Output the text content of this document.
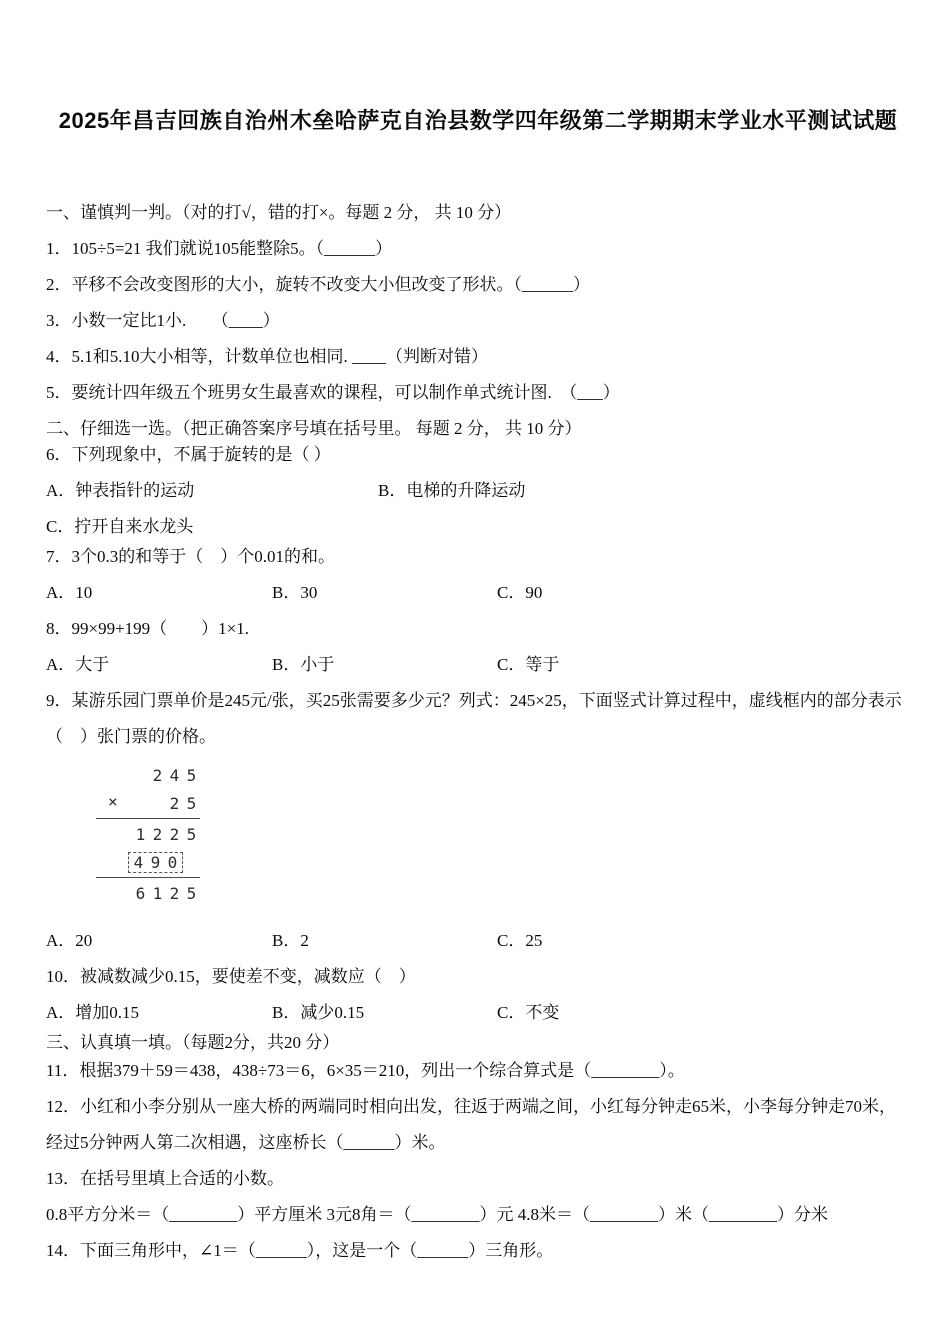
2025年昌吉回族自治州木垒哈萨克自治县数学四年级第二学期期末学业水平测试试题
一、谨慎判一判。（对的打√，错的打×。每题 2 分， 共 10 分）
1．105÷5=21 我们就说105能整除5。（______）
2．平移不会改变图形的大小，旋转不改变大小但改变了形状。（______）
3．小数一定比1小.　　（____）
4．5.1和5.10大小相等，计数单位也相同. ____（判断对错）
5．要统计四年级五个班男女生最喜欢的课程，可以制作单式统计图.　（___）
二、仔细选一选。（把正确答案序号填在括号里。 每题 2 分， 共 10 分）
6．下列现象中，不属于旋转的是（ ）
A．钟表指针的运动	B．电梯的升降运动
C．拧开自来水龙头
7．3个0.3的和等于（　）个0.01的和。
A．10	B．30	C．90
8．99×99+199（　　）1×1.
A．大于	B．小于	C．等于
9．某游乐园门票单价是245元/张，买25张需要多少元？列式：245×25，下面竖式计算过程中，虚线框内的部分表示
（　）张门票的价格。
2 4 5
×	2 5
1 2 2 5
4 9 0
6 1 2 5
A．20	B．2	C．25
10．被减数减少0.15，要使差不变，减数应（　）
A．增加0.15	B．减少0.15	C．不变
三、认真填一填。（每题2分，共20 分）
11．根据379＋59＝438，438÷73＝6，6×35＝210，列出一个综合算式是（________）。
12．小红和小李分别从一座大桥的两端同时相向出发，往返于两端之间，小红每分钟走65米，小李每分钟走70米，
经过5分钟两人第二次相遇，这座桥长（______）米。
13．在括号里填上合适的小数。
0.8平方分米＝（________）平方厘米 3元8角＝（________）元 4.8米＝（________）米（________）分米
14．下面三角形中，∠1＝（______），这是一个（______）三角形。
